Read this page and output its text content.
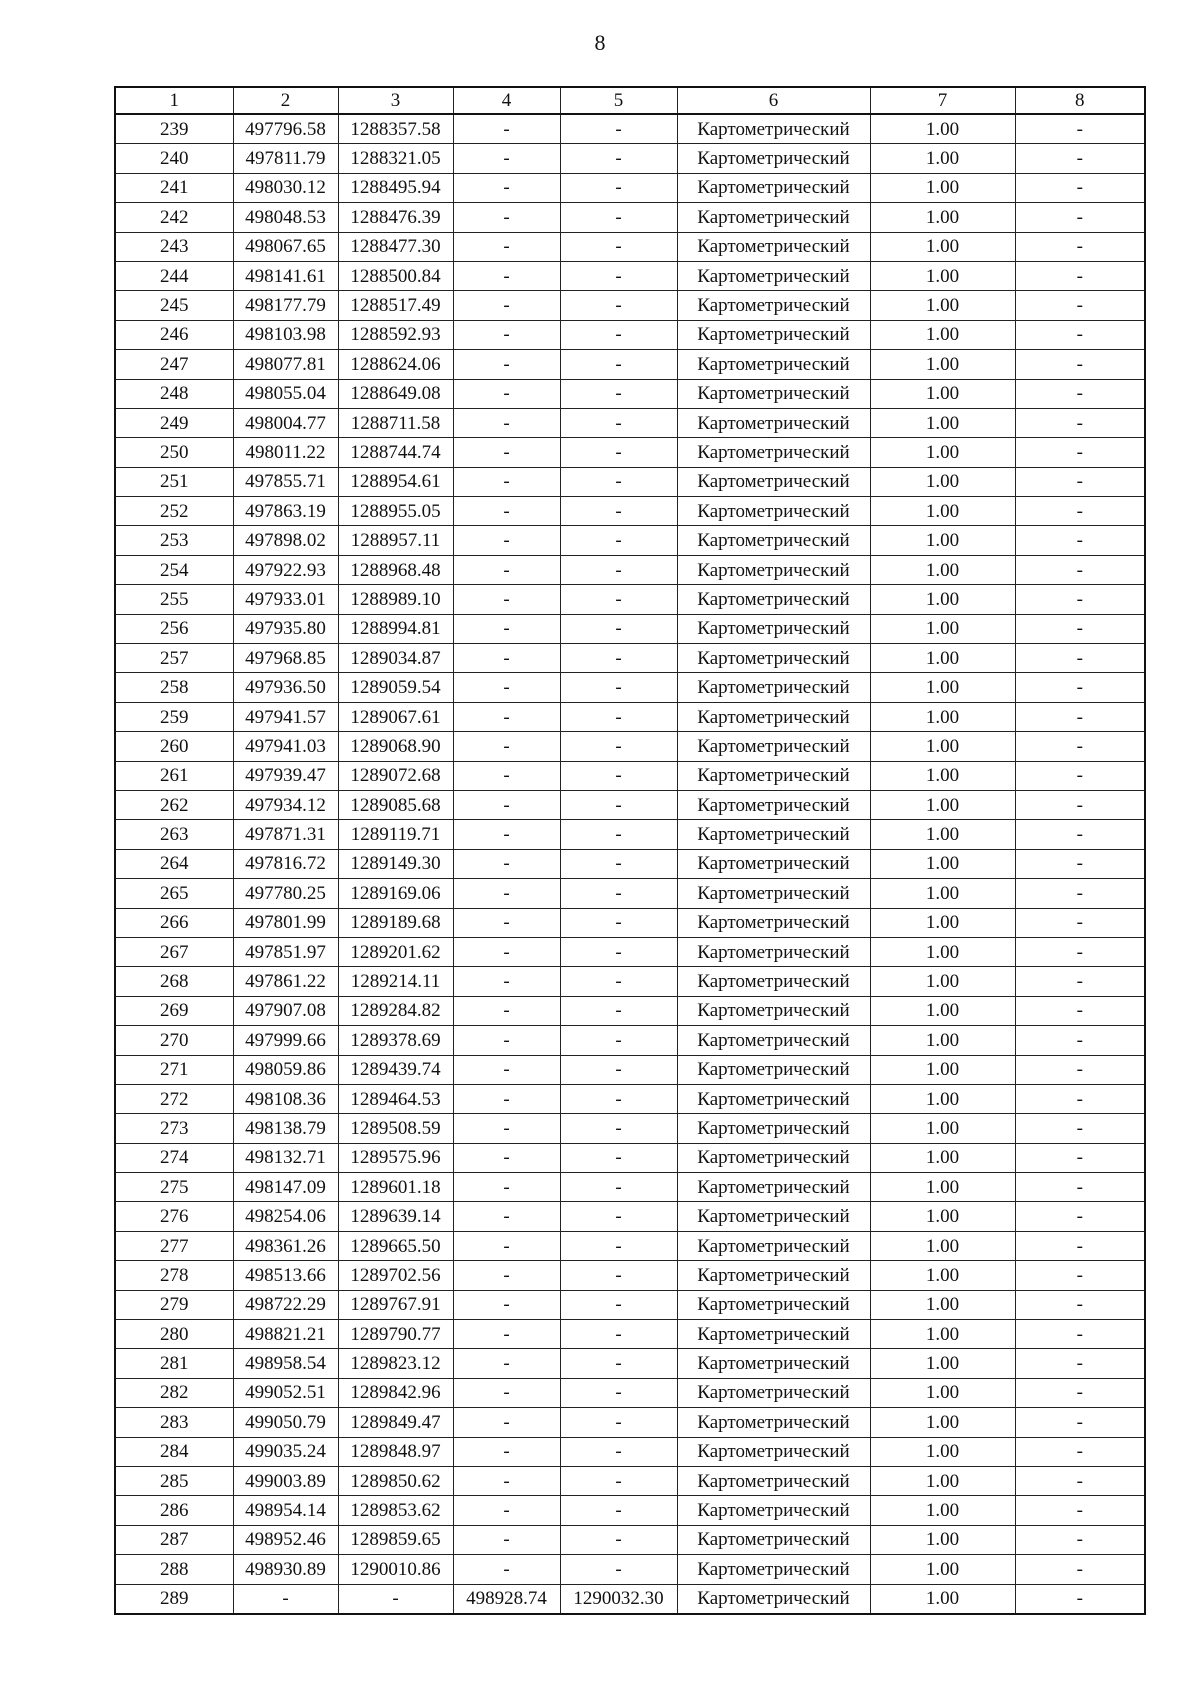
8
1	2	3	4	5	6	7	8
239	497796.58	1288357.58	-	-	Картометрический	1.00	-
240	497811.79	1288321.05	-	-	Картометрический	1.00	-
241	498030.12	1288495.94	-	-	Картометрический	1.00	-
242	498048.53	1288476.39	-	-	Картометрический	1.00	-
243	498067.65	1288477.30	-	-	Картометрический	1.00	-
244	498141.61	1288500.84	-	-	Картометрический	1.00	-
245	498177.79	1288517.49	-	-	Картометрический	1.00	-
246	498103.98	1288592.93	-	-	Картометрический	1.00	-
247	498077.81	1288624.06	-	-	Картометрический	1.00	-
248	498055.04	1288649.08	-	-	Картометрический	1.00	-
249	498004.77	1288711.58	-	-	Картометрический	1.00	-
250	498011.22	1288744.74	-	-	Картометрический	1.00	-
251	497855.71	1288954.61	-	-	Картометрический	1.00	-
252	497863.19	1288955.05	-	-	Картометрический	1.00	-
253	497898.02	1288957.11	-	-	Картометрический	1.00	-
254	497922.93	1288968.48	-	-	Картометрический	1.00	-
255	497933.01	1288989.10	-	-	Картометрический	1.00	-
256	497935.80	1288994.81	-	-	Картометрический	1.00	-
257	497968.85	1289034.87	-	-	Картометрический	1.00	-
258	497936.50	1289059.54	-	-	Картометрический	1.00	-
259	497941.57	1289067.61	-	-	Картометрический	1.00	-
260	497941.03	1289068.90	-	-	Картометрический	1.00	-
261	497939.47	1289072.68	-	-	Картометрический	1.00	-
262	497934.12	1289085.68	-	-	Картометрический	1.00	-
263	497871.31	1289119.71	-	-	Картометрический	1.00	-
264	497816.72	1289149.30	-	-	Картометрический	1.00	-
265	497780.25	1289169.06	-	-	Картометрический	1.00	-
266	497801.99	1289189.68	-	-	Картометрический	1.00	-
267	497851.97	1289201.62	-	-	Картометрический	1.00	-
268	497861.22	1289214.11	-	-	Картометрический	1.00	-
269	497907.08	1289284.82	-	-	Картометрический	1.00	-
270	497999.66	1289378.69	-	-	Картометрический	1.00	-
271	498059.86	1289439.74	-	-	Картометрический	1.00	-
272	498108.36	1289464.53	-	-	Картометрический	1.00	-
273	498138.79	1289508.59	-	-	Картометрический	1.00	-
274	498132.71	1289575.96	-	-	Картометрический	1.00	-
275	498147.09	1289601.18	-	-	Картометрический	1.00	-
276	498254.06	1289639.14	-	-	Картометрический	1.00	-
277	498361.26	1289665.50	-	-	Картометрический	1.00	-
278	498513.66	1289702.56	-	-	Картометрический	1.00	-
279	498722.29	1289767.91	-	-	Картометрический	1.00	-
280	498821.21	1289790.77	-	-	Картометрический	1.00	-
281	498958.54	1289823.12	-	-	Картометрический	1.00	-
282	499052.51	1289842.96	-	-	Картометрический	1.00	-
283	499050.79	1289849.47	-	-	Картометрический	1.00	-
284	499035.24	1289848.97	-	-	Картометрический	1.00	-
285	499003.89	1289850.62	-	-	Картометрический	1.00	-
286	498954.14	1289853.62	-	-	Картометрический	1.00	-
287	498952.46	1289859.65	-	-	Картометрический	1.00	-
288	498930.89	1290010.86	-	-	Картометрический	1.00	-
289	-	-	498928.74	1290032.30	Картометрический	1.00	-
